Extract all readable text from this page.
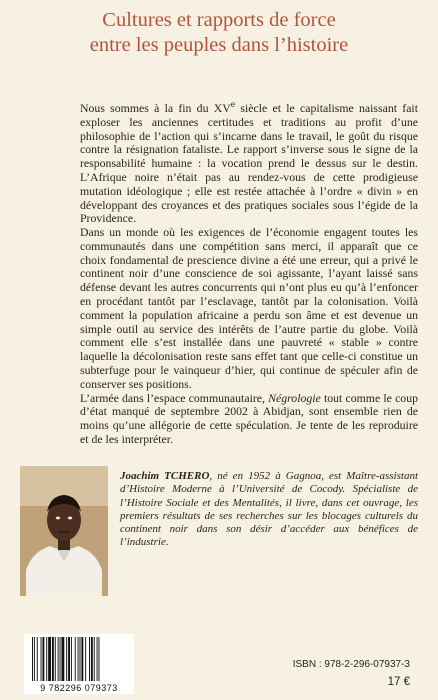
Cultures et rapports de force
entre les peuples dans l’histoire

Nous sommes à la fin du XVe siècle et le capitalisme naissant fait exploser les anciennes certitudes et traditions au profit d’une philosophie de l’action qui s’incarne dans le travail, le goût du risque contre la résignation fataliste. Le rapport s’inverse sous le signe de la responsabilité humaine : la vocation prend le dessus sur le destin. L’Afrique noire n’était pas au rendez-vous de cette prodigieuse mutation idéologique ; elle est restée attachée à l’ordre « divin » en développant des croyances et des pratiques sociales sous l’égide de la Providence.

Dans un monde où les exigences de l’économie engagent toutes les communautés dans une compétition sans merci, il apparaît que ce choix fondamental de prescience divine a été une erreur, qui a privé le continent noir d’une conscience de soi agissante, l’ayant laissé sans défense devant les autres concurrents qui n’ont plus eu qu’à l’enfoncer en procédant tantôt par l’esclavage, tantôt par la colonisation. Voilà comment la population africaine a perdu son âme et est devenue un simple outil au service des intérêts de l’autre partie du globe. Voilà comment elle s’est installée dans une pauvreté « stable » contre laquelle la décolonisation reste sans effet tant que celle-ci constitue un subterfuge pour le vainqueur d’hier, qui continue de spéculer afin de conserver ses positions.

L’armée dans l’espace communautaire, Négrologie tout comme le coup d’état manqué de septembre 2002 à Abidjan, sont ensemble rien de moins qu’une allégorie de cette spéculation. Je tente de les reproduire et de les interpréter.

Joachim TCHERO, né en 1952 à Gagnoa, est Maître-assistant d’Histoire Moderne à l’Université de Cocody. Spécialiste de l’Histoire Sociale et des Mentalités, il livre, dans cet ouvrage, les premiers résultats de ses recherches sur les blocages culturels du continent noir dans son désir d’accéder aux bénéfices de l’industrie.
9 782296 079373
ISBN : 978-2-296-07937-3
17 €
